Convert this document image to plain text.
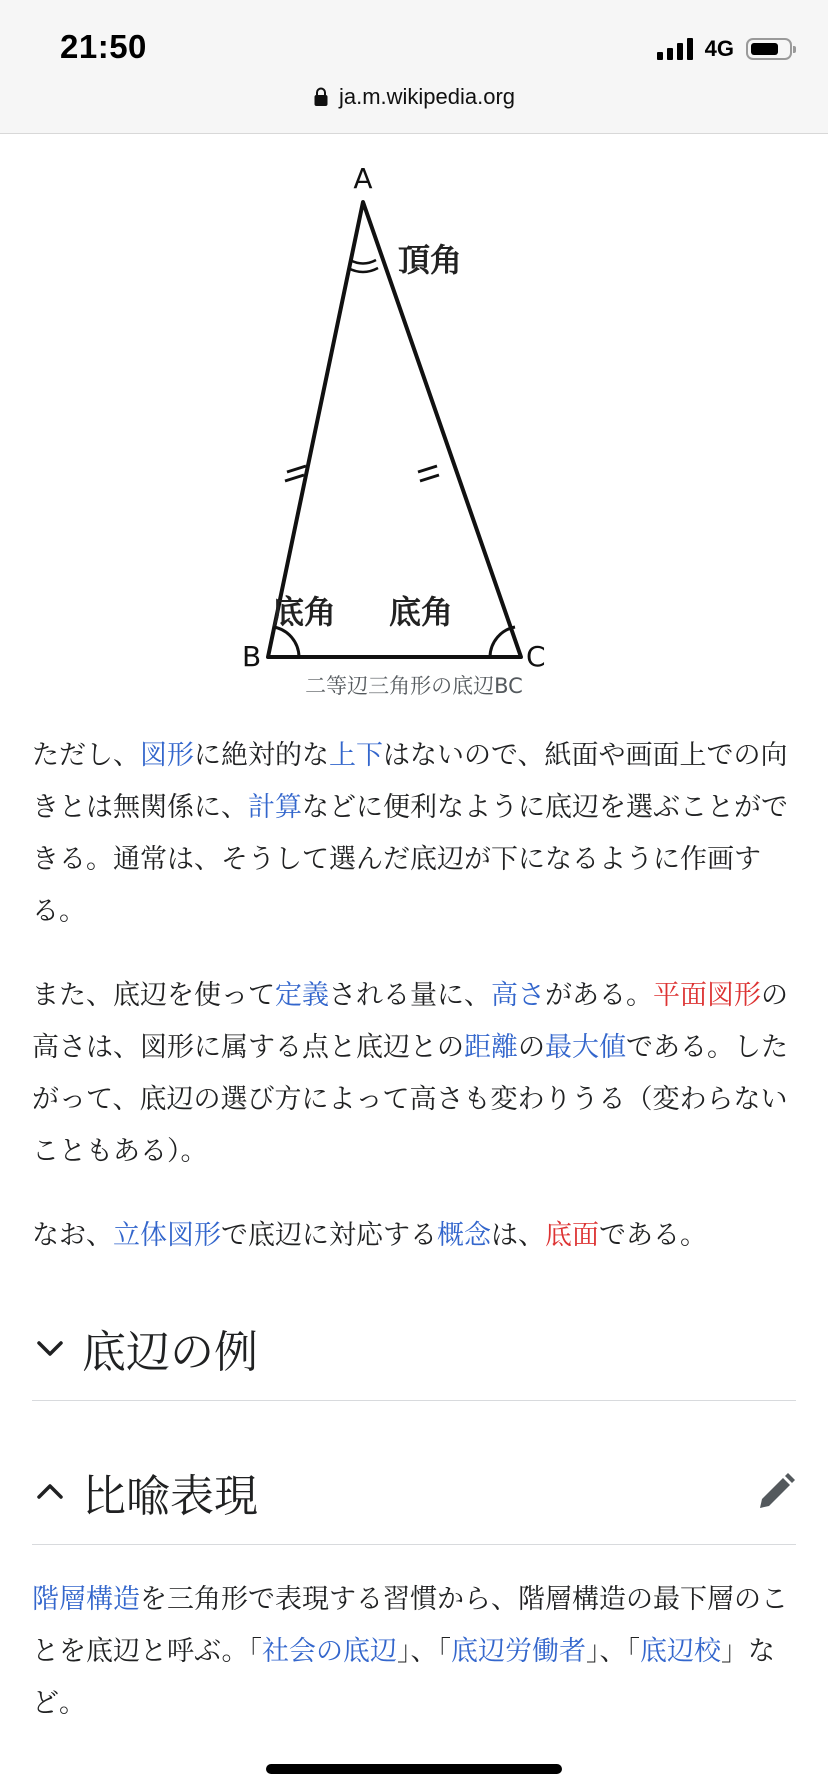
21:50	4G
ja.m.wikipedia.org
A
B	C
頂角
底角 底角
二等辺三角形の底辺BC

ただし、図形に絶対的な上下はないので、紙面や画面上での向きとは無関係に、計算などに便利なように底辺を選ぶことができる。通常は、そうして選んだ底辺が下になるように作画する。

また、底辺を使って定義される量に、高さがある。平面図形の高さは、図形に属する点と底辺との距離の最大値である。したがって、底辺の選び方によって高さも変わりうる（変わらないこともある）。

なお、立体図形で底辺に対応する概念は、底面である。

底辺の例
比喩表現

階層構造を三角形で表現する習慣から、階層構造の最下層のことを底辺と呼ぶ。「社会の底辺」、「底辺労働者」、「底辺校」など。
